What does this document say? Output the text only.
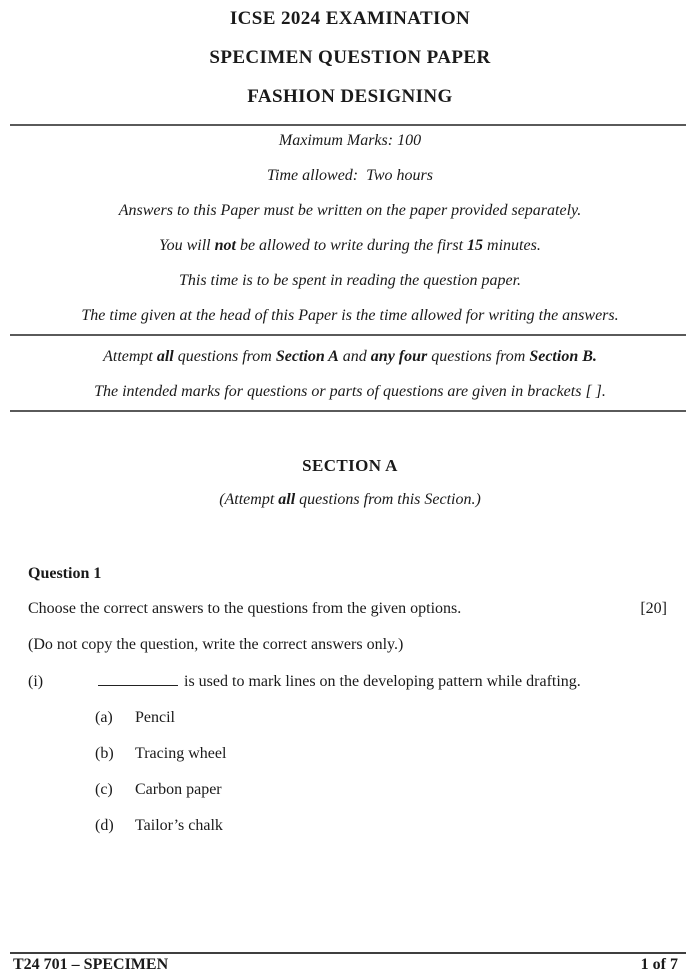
ICSE 2024 EXAMINATION
SPECIMEN QUESTION PAPER
FASHION DESIGNING
Maximum Marks: 100
Time allowed:  Two hours
Answers to this Paper must be written on the paper provided separately.
You will not be allowed to write during the first 15 minutes.
This time is to be spent in reading the question paper.
The time given at the head of this Paper is the time allowed for writing the answers.
Attempt all questions from Section A and any four questions from Section B.
The intended marks for questions or parts of questions are given in brackets [ ].
SECTION A
(Attempt all questions from this Section.)
Question 1
Choose the correct answers to the questions from the given options.	[20]
(Do not copy the question, write the correct answers only.)
(i)	is used to mark lines on the developing pattern while drafting.
(a) Pencil
(b) Tracing wheel
(c) Carbon paper
(d) Tailor’s chalk
T24 701 – SPECIMEN	1 of 7
